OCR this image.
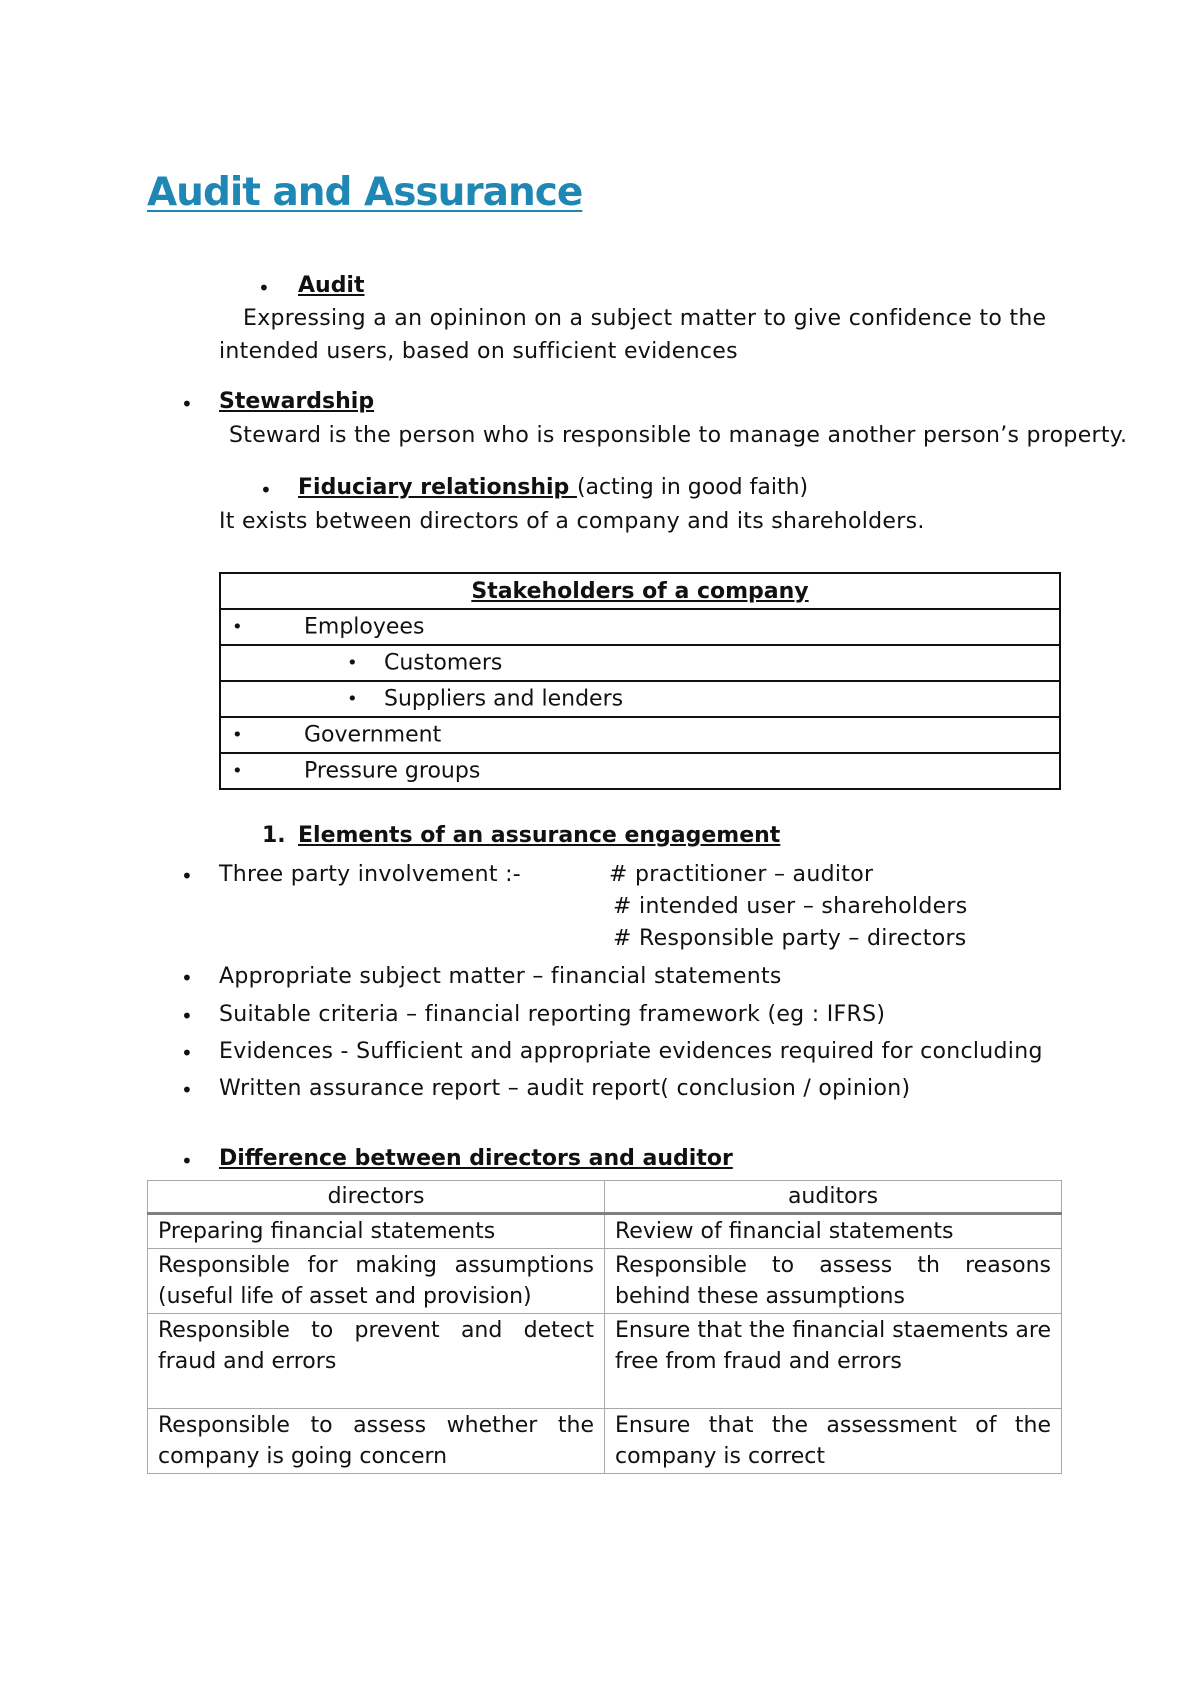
Audit and Assurance
• Audit
Expressing a an opininon on a subject matter to give confidence to the
intended users, based on sufficient evidences
• Stewardship
Steward is the person who is responsible to manage another person’s property.
• Fiduciary relationship (acting in good faith)
It exists between directors of a company and its shareholders.
Stakeholders of a company

•	Employees

• Customers

• Suppliers and lenders

•	Government

•	Pressure groups
1. Elements of an assurance engagement
• Three party involvement :-	# practitioner – auditor
# intended user – shareholders
# Responsible party – directors
• Appropriate subject matter – financial statements
• Suitable criteria – financial reporting framework (eg : IFRS)
• Evidences - Sufficient and appropriate evidences required for concluding
• Written assurance report – audit report( conclusion / opinion)
• Difference between directors and auditor
directors	auditors
Preparing financial statements	Review of financial statements
Responsible for making assumptions (useful life of asset and provision)	Responsible to assess th reasons behind these assumptions
Responsible to prevent and detect fraud and errors	Ensure that the financial staements are free from fraud and errors
Responsible to assess whether the company is going concern	Ensure that the assessment of the company is correct
